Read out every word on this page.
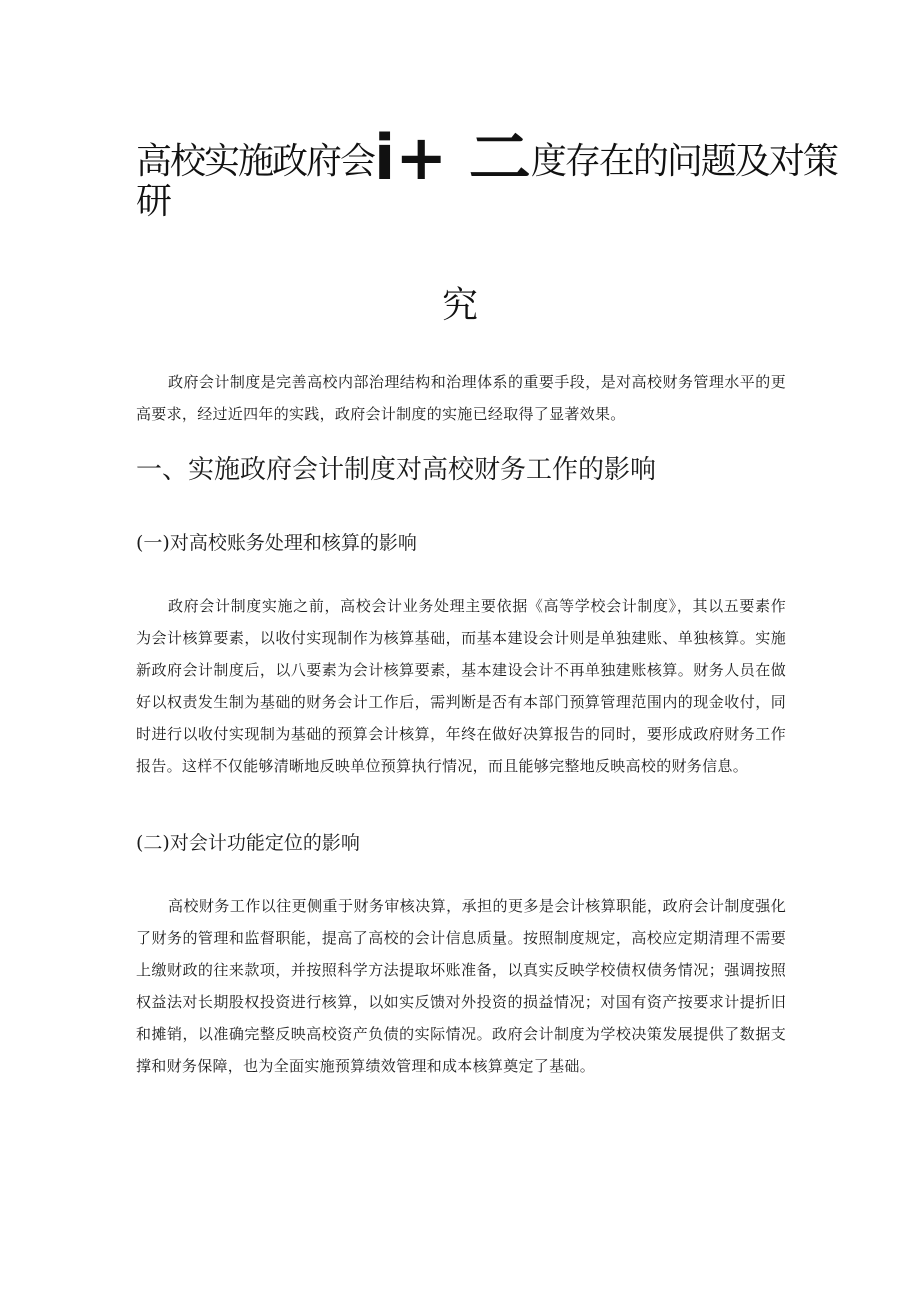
高校实施政府会i+ 二度存在的问题及对策
研
究

政府会计制度是完善高校内部治理结构和治理体系的重要手段，是对高校财务管理水平的更高要求，经过近四年的实践，政府会计制度的实施已经取得了显著效果。

一、实施政府会计制度对高校财务工作的影响
(一)对高校账务处理和核算的影响

政府会计制度实施之前，高校会计业务处理主要依据《高等学校会计制度》，其以五要素作为会计核算要素，以收付实现制作为核算基础，而基本建设会计则是单独建账、单独核算。实施新政府会计制度后，以八要素为会计核算要素，基本建设会计不再单独建账核算。财务人员在做好以权责发生制为基础的财务会计工作后，需判断是否有本部门预算管理范围内的现金收付，同时进行以收付实现制为基础的预算会计核算，年终在做好决算报告的同时，要形成政府财务工作报告。这样不仅能够清晰地反映单位预算执行情况，而且能够完整地反映高校的财务信息。

(二)对会计功能定位的影响

高校财务工作以往更侧重于财务审核决算，承担的更多是会计核算职能，政府会计制度强化了财务的管理和监督职能，提高了高校的会计信息质量。按照制度规定，高校应定期清理不需要上缴财政的往来款项，并按照科学方法提取坏账准备，以真实反映学校债权债务情况；强调按照权益法对长期股权投资进行核算，以如实反馈对外投资的损益情况；对国有资产按要求计提折旧和摊销，以准确完整反映高校资产负债的实际情况。政府会计制度为学校决策发展提供了数据支撑和财务保障，也为全面实施预算绩效管理和成本核算奠定了基础。
